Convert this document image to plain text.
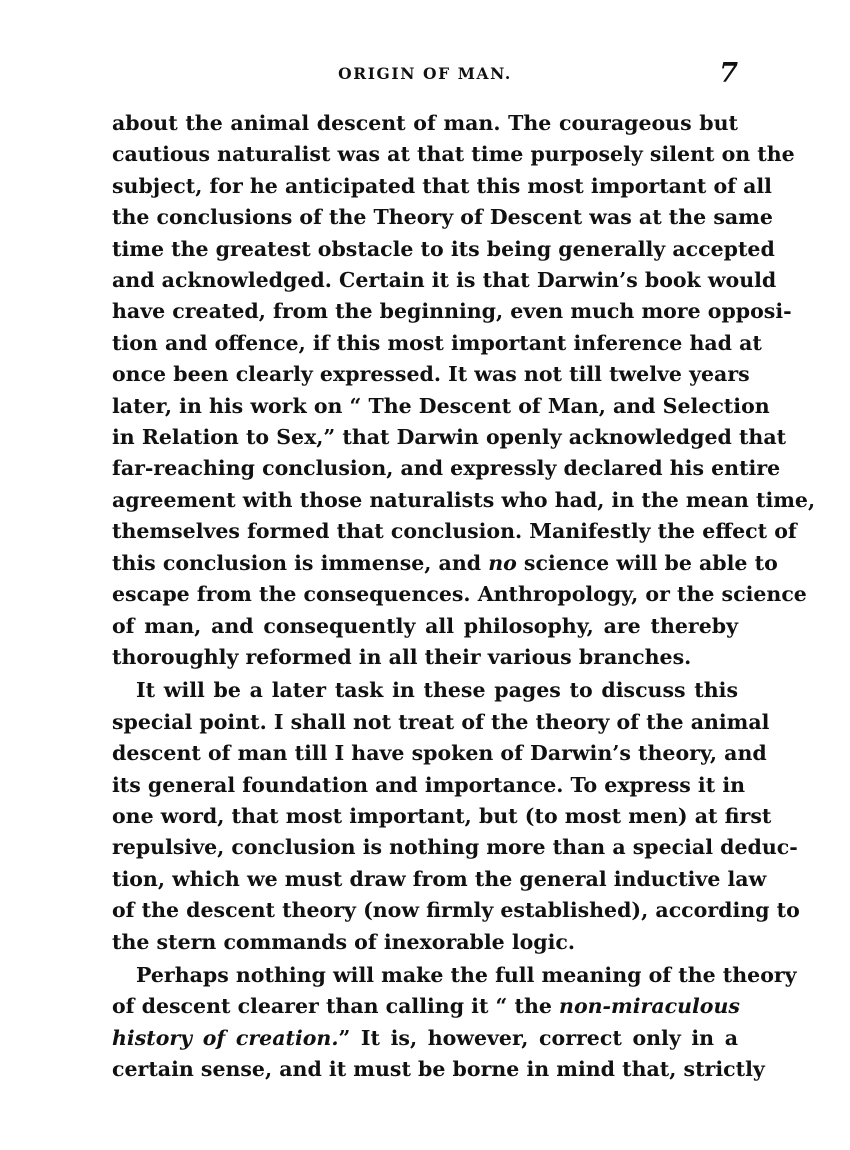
ORIGIN OF MAN.	7
about the animal descent of man. The courageous but
cautious naturalist was at that time purposely silent on the
subject, for he anticipated that this most important of all
the conclusions of the Theory of Descent was at the same
time the greatest obstacle to its being generally accepted
and acknowledged. Certain it is that Darwin’s book would
have created, from the beginning, even much more opposi-
tion and offence, if this most important inference had at
once been clearly expressed. It was not till twelve years
later, in his work on “ The Descent of Man, and Selection
in Relation to Sex,” that Darwin openly acknowledged that
far-reaching conclusion, and expressly declared his entire
agreement with those naturalists who had, in the mean time,
themselves formed that conclusion. Manifestly the effect of
this conclusion is immense, and no science will be able to
escape from the consequences. Anthropology, or the science
of man, and consequently all philosophy, are thereby
thoroughly reformed in all their various branches.
It will be a later task in these pages to discuss this
special point. I shall not treat of the theory of the animal
descent of man till I have spoken of Darwin’s theory, and
its general foundation and importance. To express it in
one word, that most important, but (to most men) at first
repulsive, conclusion is nothing more than a special deduc-
tion, which we must draw from the general inductive law
of the descent theory (now firmly established), according to
the stern commands of inexorable logic.
Perhaps nothing will make the full meaning of the theory
of descent clearer than calling it “ the non-miraculous
history of creation.” It is, however, correct only in a
certain sense, and it must be borne in mind that, strictly
